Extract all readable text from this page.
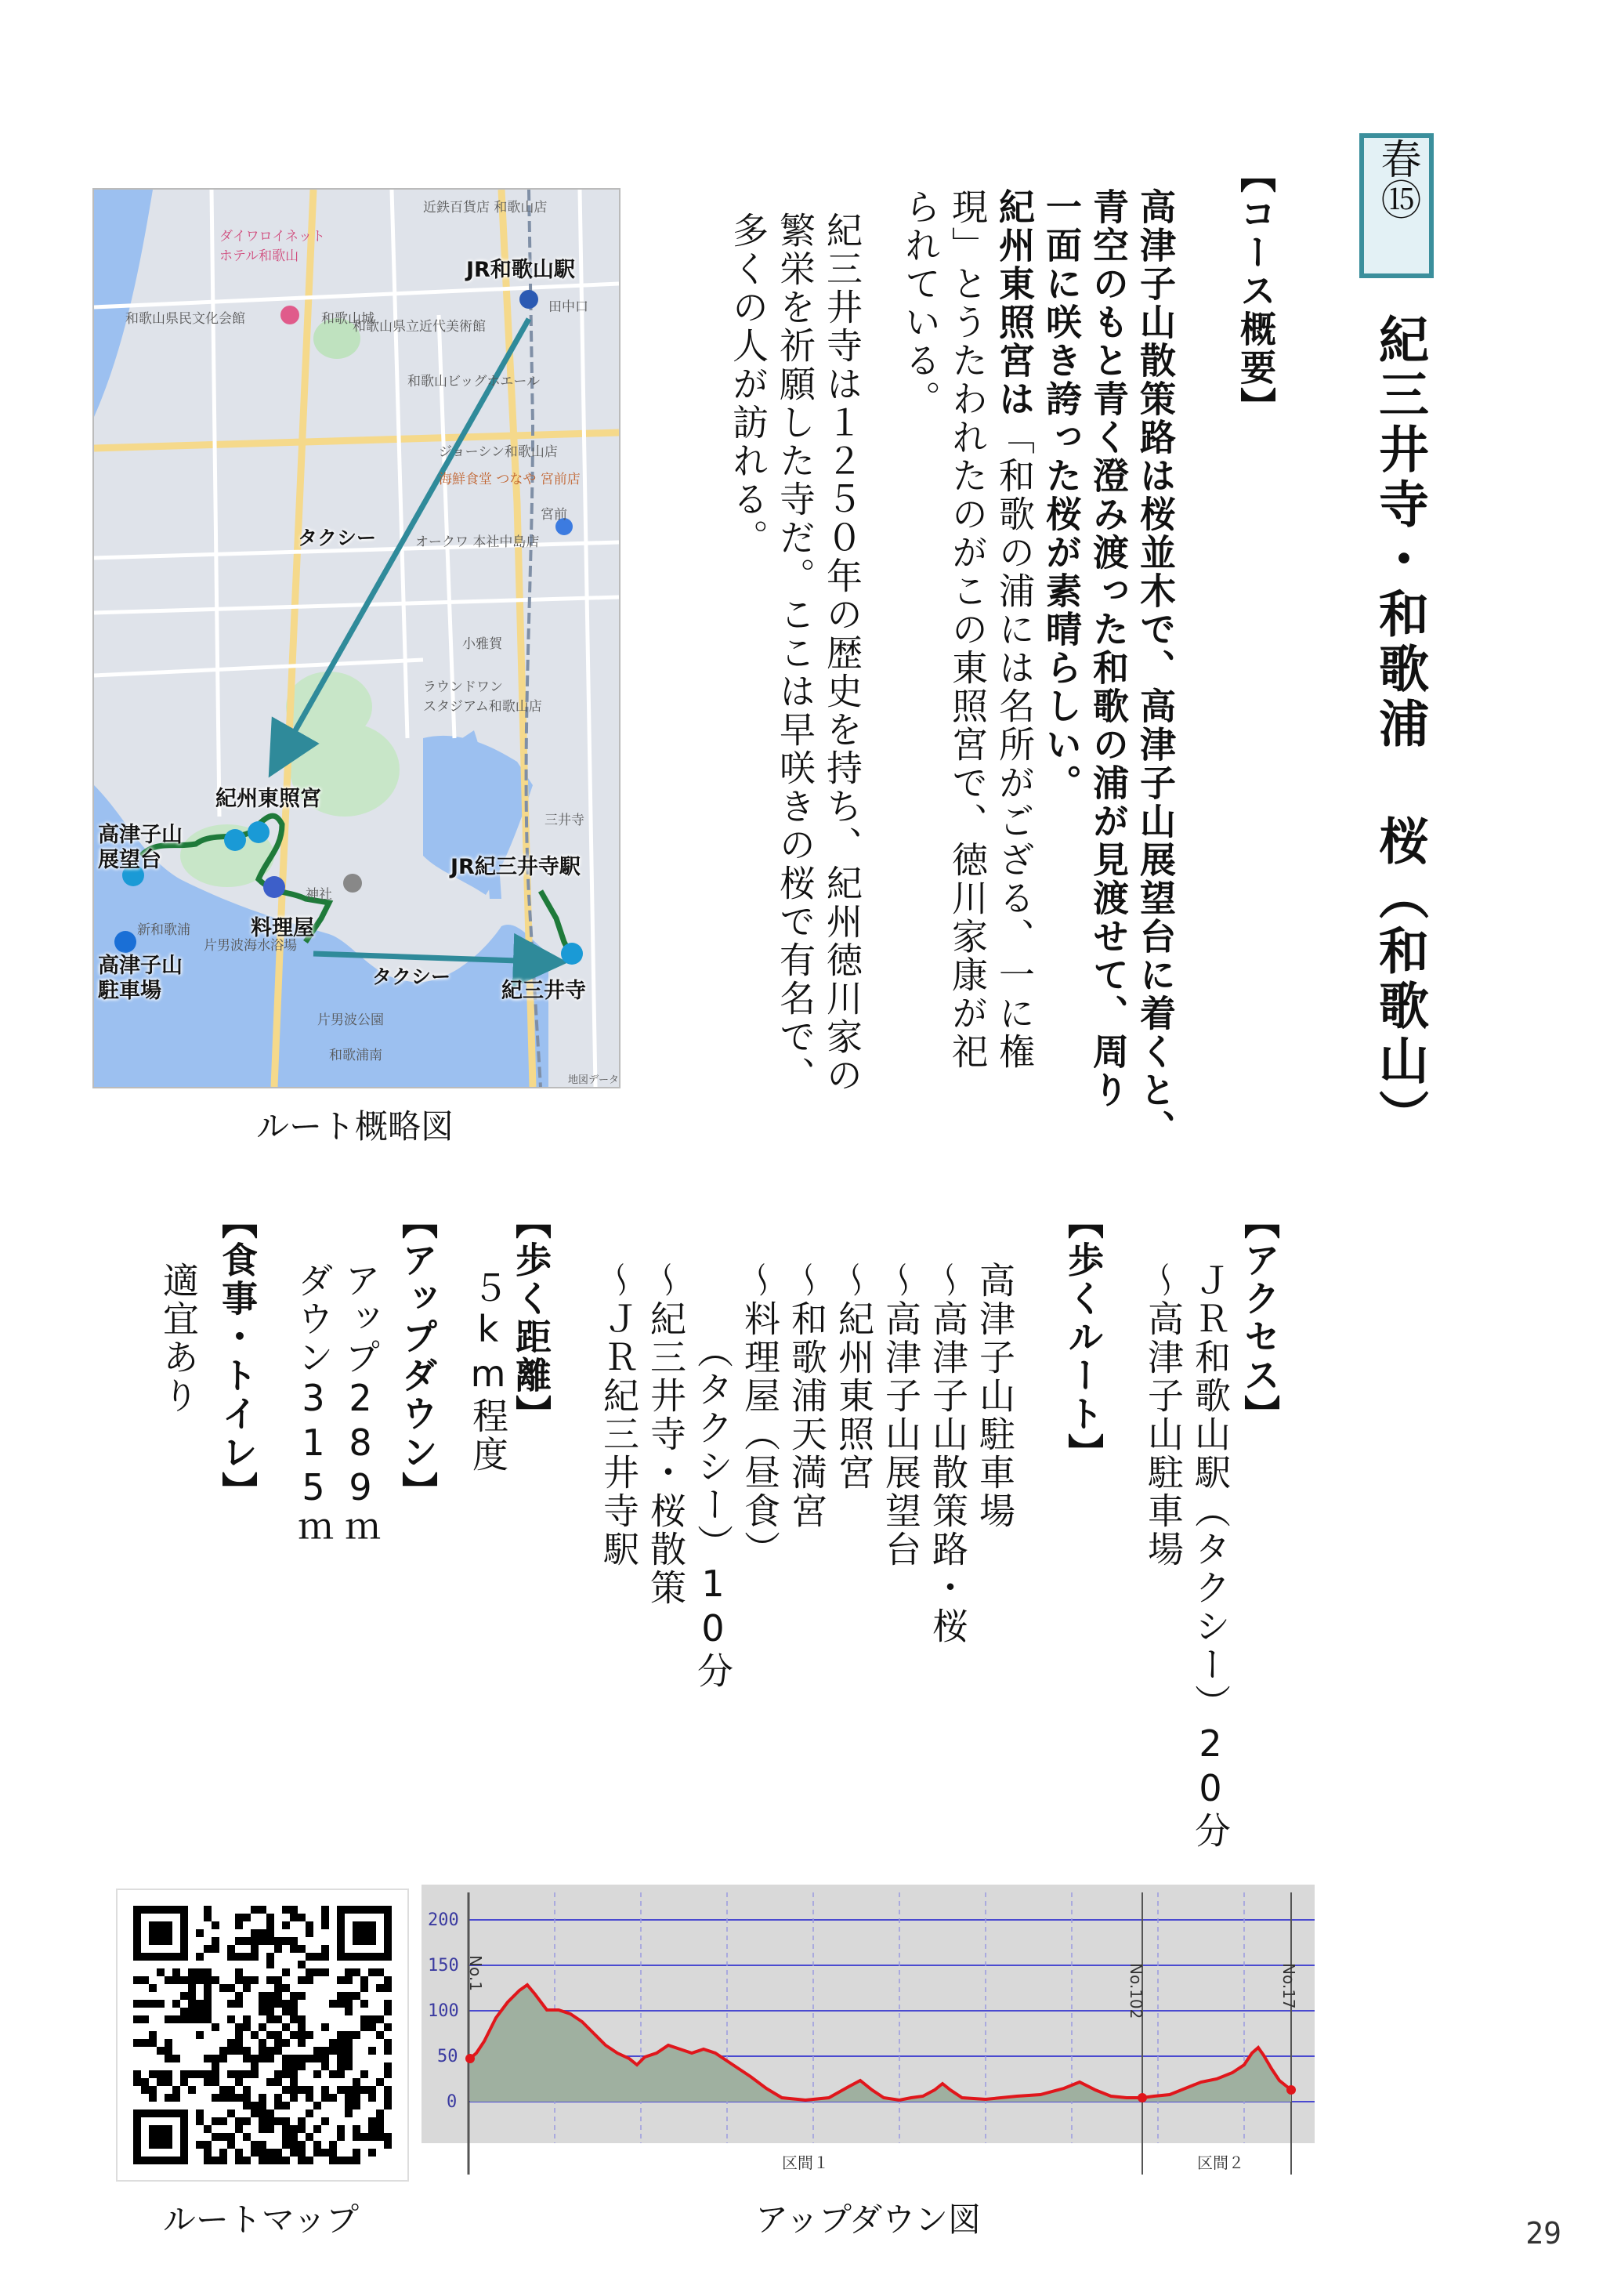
春⑮
紀三井寺・和歌浦 桜（和歌山）
【コース概要】
高津子山散策路は桜並木で、高津子山展望台に着くと、
青空のもと青く澄み渡った和歌の浦が見渡せて、周り
一面に咲き誇った桜が素晴らしい。
紀州東照宮は「和歌の浦には名所がござる、一に権
現」とうたわれたのがこの東照宮で、徳川家康が祀
られている。
紀三井寺は１２５０年の歴史を持ち、紀州徳川家の
繁栄を祈願した寺だ。ここは早咲きの桜で有名で、
多くの人が訪れる。
【アクセス】
ＪＲ和歌山駅（タクシー）20分
～高津子山駐車場
【歩くルート】
高津子山駐車場
～高津子山散策路・桜
～高津子山展望台
～紀州東照宮
～和歌浦天満宮
～料理屋（昼食）
（タクシー）10分
～紀三井寺・桜散策
～ＪＲ紀三井寺駅
【歩く距離】
５km程度
【アップダウン】
アップ289ｍ
ダウン315ｍ
【食事・トイレ】
適宜あり
JR和歌山駅
タクシー
紀州東照宮
高津子山
展望台	JR紀三井寺駅
料理屋
タクシー
高津子山
駐車場	紀三井寺
ダイワロイネット
ホテル和歌山
和歌山城
和歌山県立近代美術館
和歌山県民文化会館
近鉄百貨店 和歌山店
和歌山ビッグホエール
ジョーシン和歌山店
海鮮食堂 つなや 宮前店
オークワ 本社中島店
ラウンドワン
スタジアム和歌山店
小雅賀
片男波公園
片男波海水浴場
和歌浦南
新和歌浦
神社
田中口
宮前
三井寺
地図データ
ルート概略図
ルートマップ
200
150
100
50
0
No.1	No.102	No.17
区間１	区間２
アップダウン図	29
